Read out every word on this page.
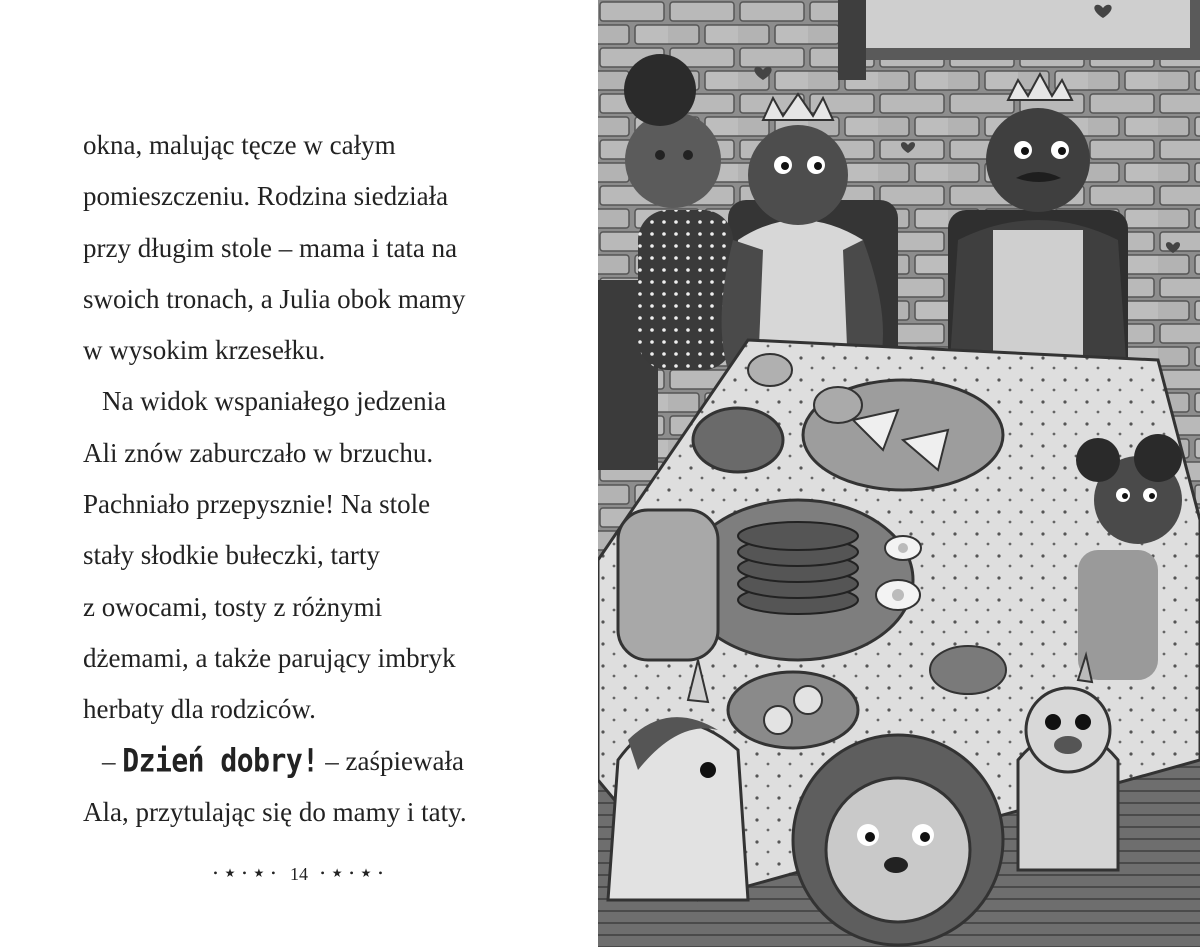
okna, malując tęcze w całym
pomieszczeniu. Rodzina siedziała
przy długim stole – mama i tata na
swoich tronach, a Julia obok mamy
w wysokim krzesełku.
Na widok wspaniałego jedzenia
Ali znów zaburczało w brzuchu.
Pachniało przepysznie! Na stole
stały słodkie bułeczki, tarty
z owocami, tosty z różnymi
dżemami, a także parujący imbryk
herbaty dla rodziców.
– Dzień dobry! – zaśpiewała
Ala, przytulając się do mamy i taty.
• ★ • ★ • 14 • ★ • ★ •
